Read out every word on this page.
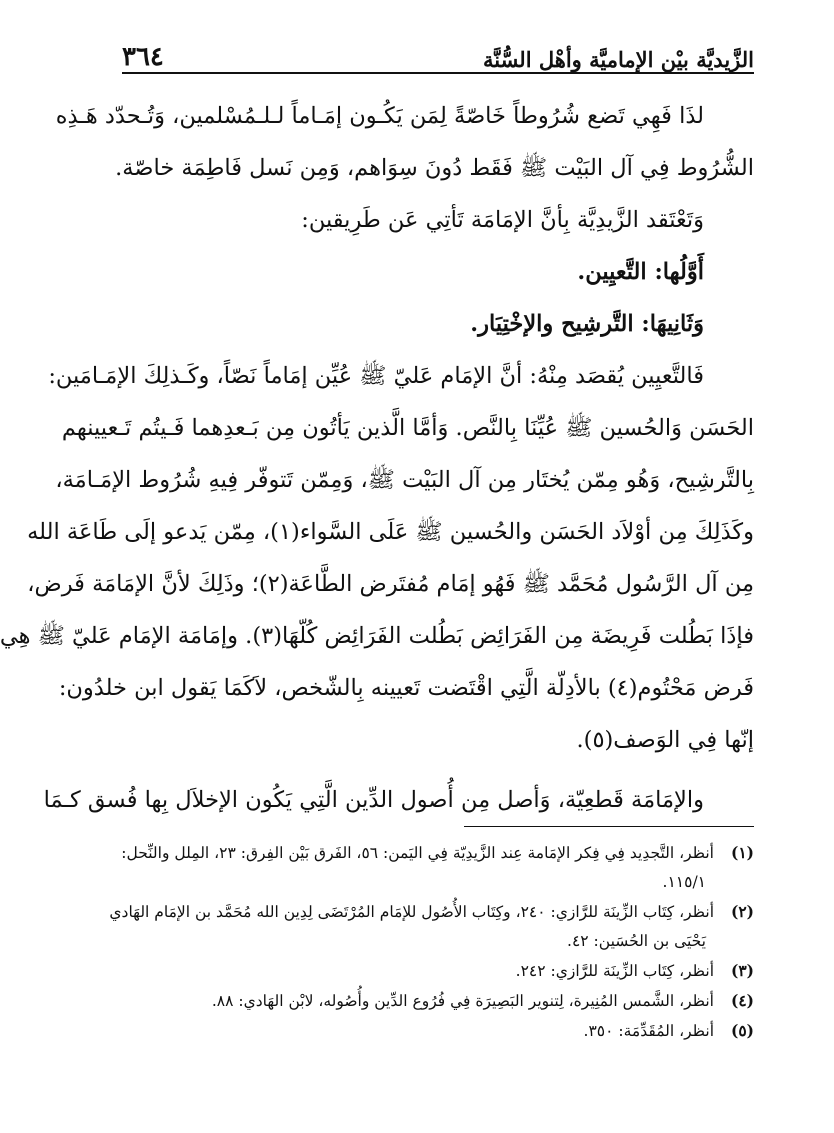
الزَّيديَّة بيْن الإماميَّة وأهْل السُّنَّة
٣٦٤

لذَا فَهِي تَضع شُرُوطاً خَاصّةً لِمَن يَكُـون إمَـاماً لـلـمُسْلمين، وَتُـحدّد هَـذِه

الشُّرُوط فِي آل البَيْت ﷺ فَقَط دُونَ سِوَاهم، وَمِن نَسل فَاطِمَة خاصّة.

وَتَعْتَقد الزَّيدِيَّة بِأنَّ الإمَامَة تَأتِي عَن طَرِيقين:

أَوَّلُها: التَّعيِين.

وَثَانِيهَا: التَّرشِيح والإخْتِيَار.

فَالتَّعيِين يُقصَد مِنْهُ: أنَّ الإمَام عَليّ ﷺ عُيِّن إمَاماً نَصّاً، وكَـذلِكَ الإمَـامَين:

الحَسَن وَالحُسين ﷺ عُيِّنَا بِالنَّص. وَأمَّا الَّذين يَأتُون مِن بَـعدِهما فَـيتُم تَـعيينهم

بِالتَّرشِيح، وَهُو مِمّن يُختَار مِن آل البَيْت ﷺ، وَمِمّن تَتوفّر فِيهِ شُرُوط الإمَـامَة،

وكَذَلِكَ مِن أوْلاَد الحَسَن والحُسين ﷺ عَلَى السَّواء(١)، مِمّن يَدعو إلَى طَاعَة الله

مِن آل الرَّسُول مُحَمَّد ﷺ فَهُو إمَام مُفتَرض الطَّاعَة(٢)؛ وذَلِكَ لأنَّ الإمَامَة فَرض،

فإذَا بَطُلت فَرِيضَة مِن الفَرَائِض بَطُلت الفَرَائِض كُلّهَا(٣). وإمَامَة الإمَام عَليّ ﷺ هِي

فَرض مَحْتُوم(٤) بالأدِلّة الَّتِي اقْتَضت تَعيينه بِالشّخص، لاَكَمَا يَقول ابن خلدُون:

إنّها فِي الوَصف(٥).

والإمَامَة قَطعِيّة، وَأصل مِن أُصول الدِّين الَّتِي يَكُون الإخلاَل بِها فُسق كـمَا

(١)أنظر، التَّجدِيد فِي فِكر الإمَامة عِند الزَّيدِيّة فِي اليَمن: ٥٦، الفَرق بَيْن الفِرق: ٢٣، المِلل والنِّحل:

١١٥/١.

(٢)أنظر، كِتَاب الزِّينَة للرَّازي: ٢٤٠، وكِتَاب الأُصُول للإمَام المُرْتَضَى لِدِين الله مُحَمَّد بن الإمَام الهَادي

يَحْيَى بن الحُسَين: ٤٢.

(٣)أنظر، كِتَاب الزِّينَة للرَّازي: ٢٤٢.

(٤)أنظر، الشَّمس المُنِيرة، لِتنوير البَصِيرَة فِي فُرُوع الدِّين وأُصُوله، لابْن الهَادي: ٨٨.

(٥)أنظر، المُقَدِّمَة: ٣٥٠.
